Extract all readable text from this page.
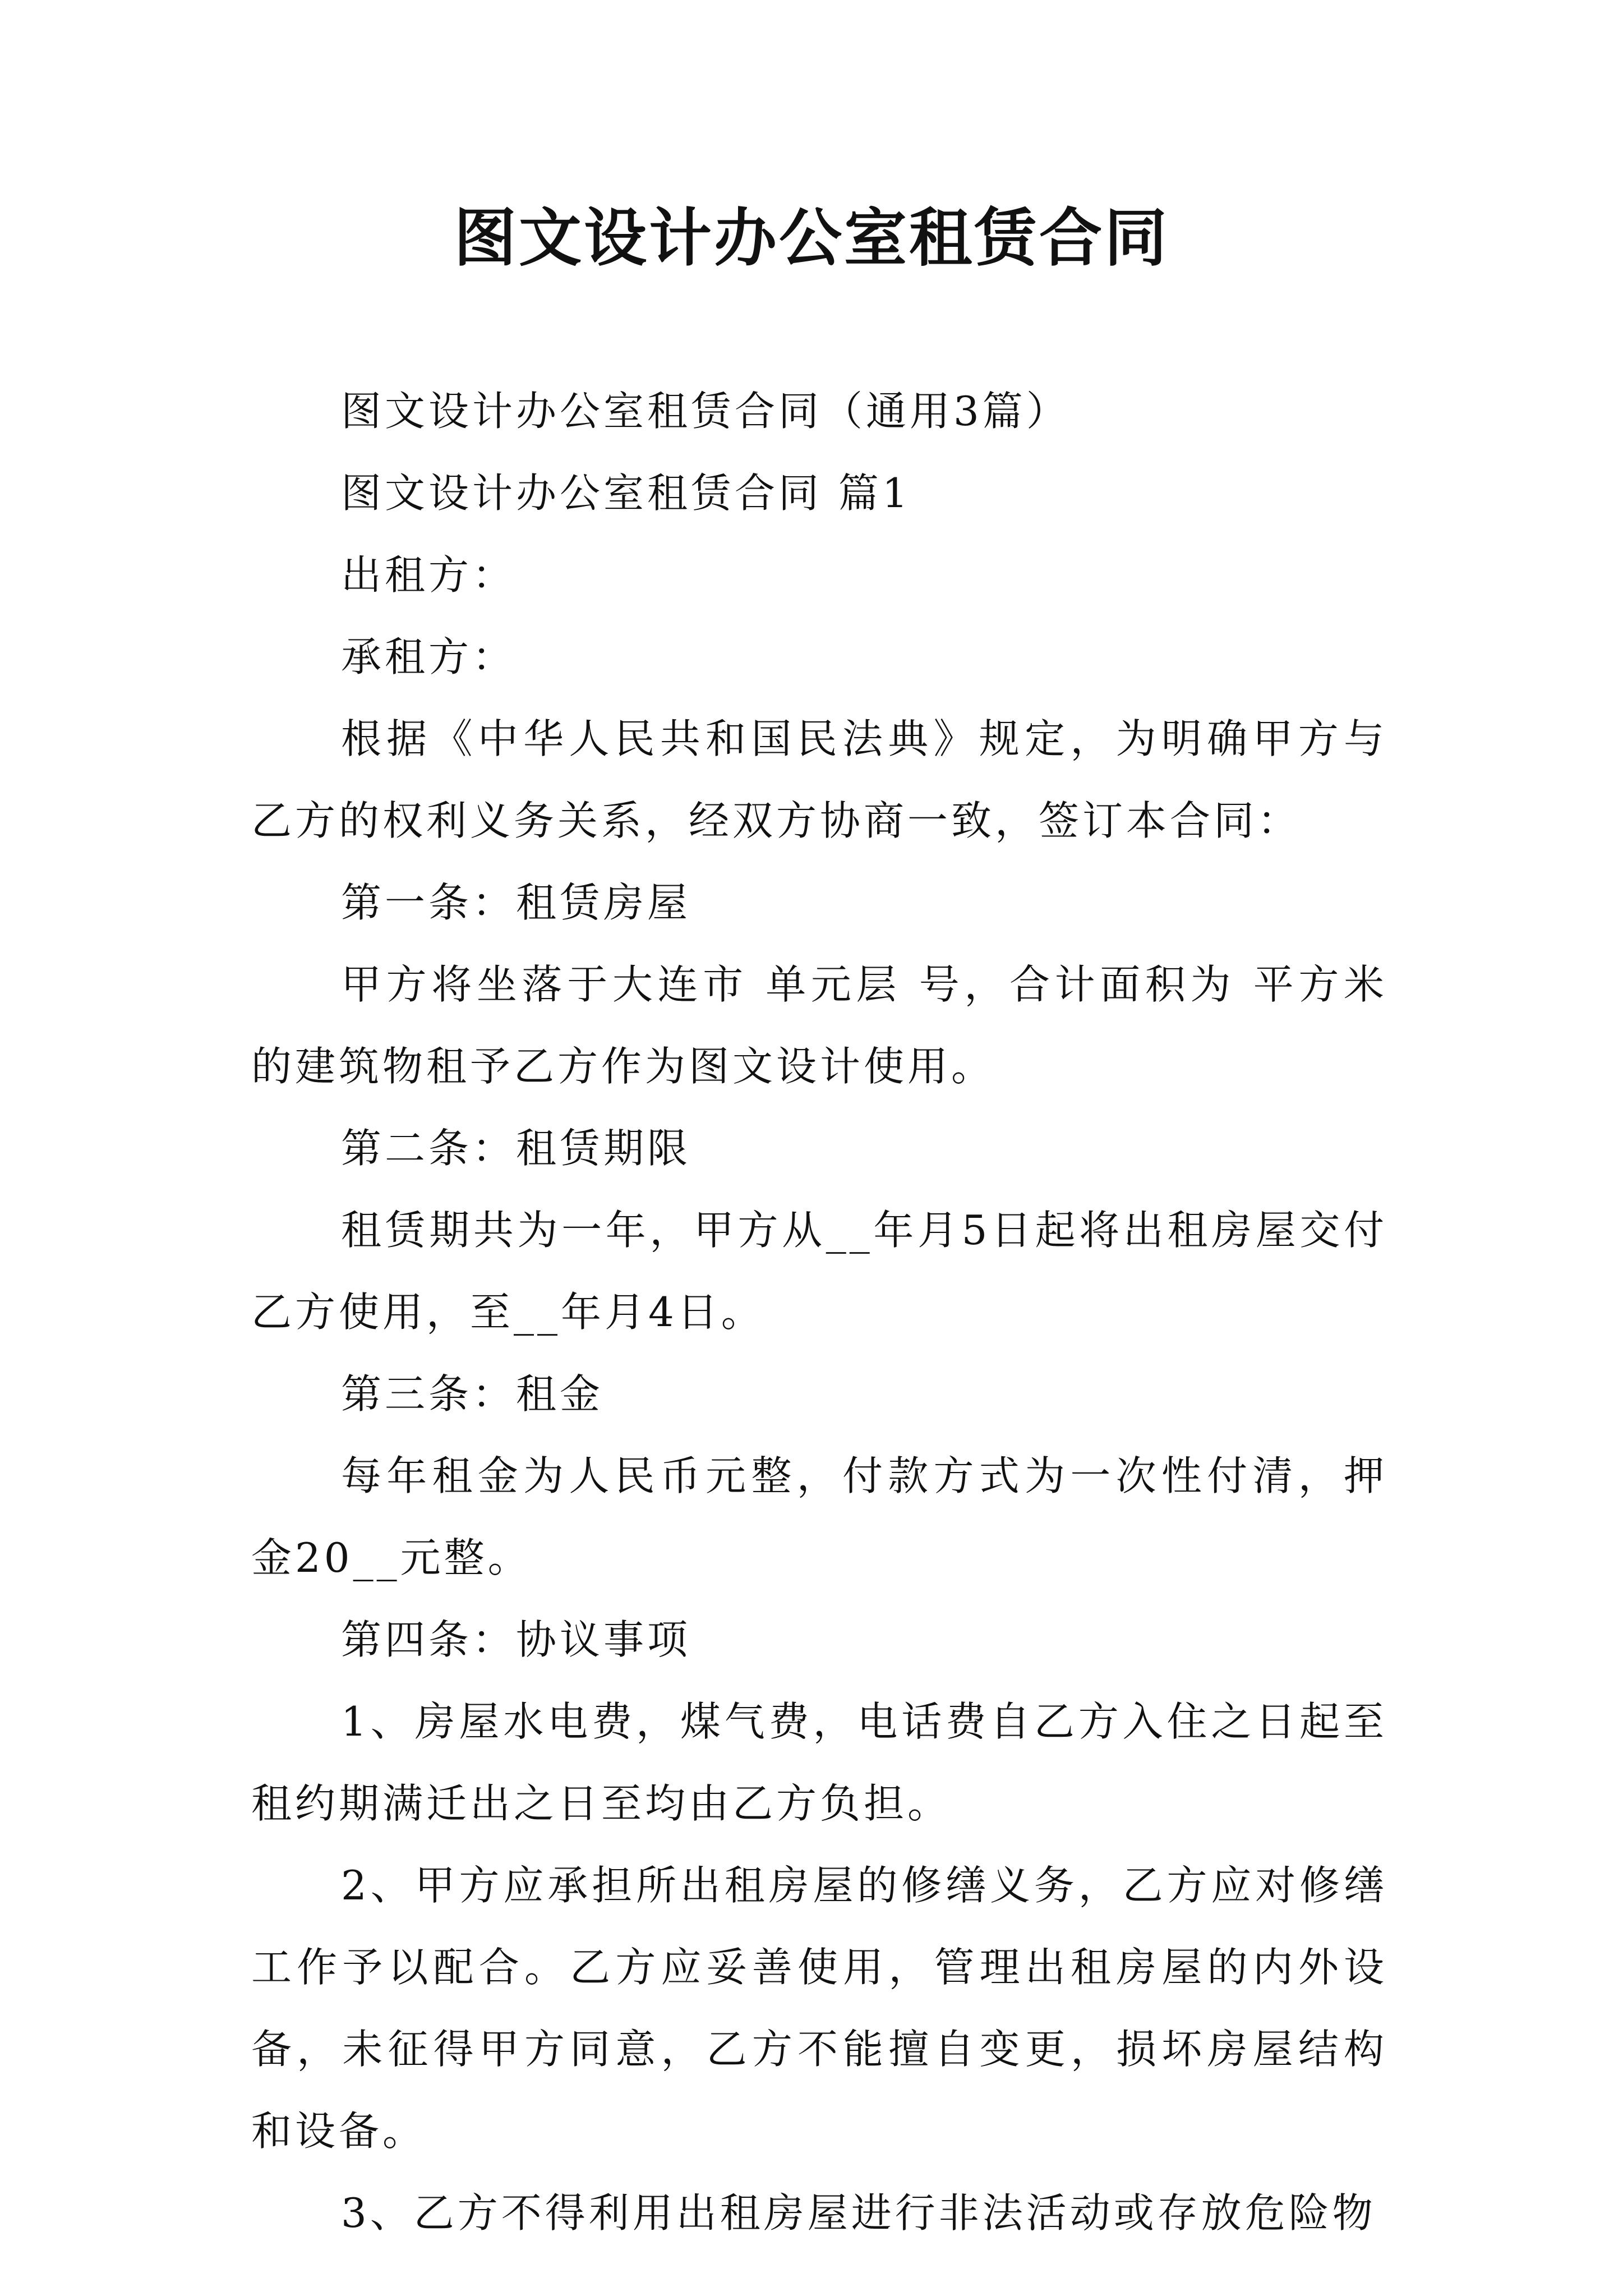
图文设计办公室租赁合同

图文设计办公室租赁合同（通用3篇）

图文设计办公室租赁合同 篇1

出租方：

承租方：

根据《中华人民共和国民法典》规定，为明确甲方与乙方的权利义务关系，经双方协商一致，签订本合同：

第一条：租赁房屋

甲方将坐落于大连市 单元层 号，合计面积为 平方米的建筑物租予乙方作为图文设计使用。

第二条：租赁期限

租赁期共为一年，甲方从__年月5日起将出租房屋交付乙方使用，至__年月4日。

第三条：租金

每年租金为人民币元整，付款方式为一次性付清，押金20__元整。

第四条：协议事项

1、房屋水电费，煤气费，电话费自乙方入住之日起至租约期满迁出之日至均由乙方负担。

2、甲方应承担所出租房屋的修缮义务，乙方应对修缮工作予以配合。乙方应妥善使用，管理出租房屋的内外设备，未征得甲方同意，乙方不能擅自变更，损坏房屋结构和设备。

3、乙方不得利用出租房屋进行非法活动或存放危险物
